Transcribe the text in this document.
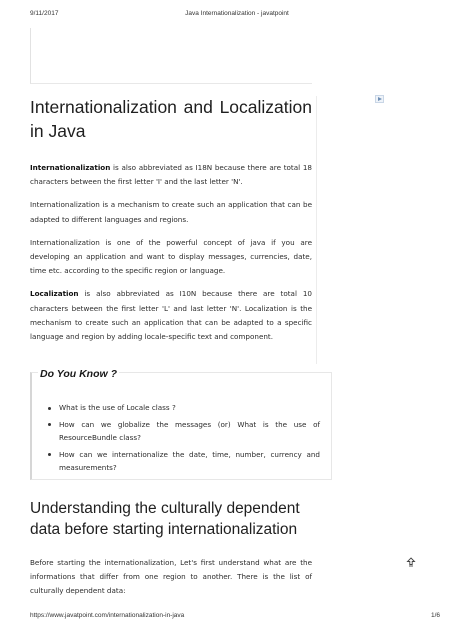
9/11/2017	Java Internationalization - javatpoint
Internationalization and Localization
in Java

Internationalization is also abbreviated as I18N because there are total 18 characters between the first letter 'I' and the last letter 'N'.

Internationalization is a mechanism to create such an application that can be adapted to different languages and regions.

Internationalization is one of the powerful concept of java if you are developing an application and want to display messages, currencies, date, time etc. according to the specific region or language.

Localization is also abbreviated as I10N because there are total 10 characters between the first letter 'L' and last letter 'N'. Localization is the mechanism to create such an application that can be adapted to a specific language and region by adding locale-specific text and component.

Do You Know ?
What is the use of Locale class ?
How can we globalize the messages (or) What is the use of ResourceBundle class?
How can we internationalize the date, time, number, currency and measurements?
Understanding the culturally dependent data before starting internationalization

Before starting the internationalization, Let's first understand what are the informations that differ from one region to another. There is the list of culturally dependent data:

https://www.javatpoint.com/internationalization-in-java	1/6
